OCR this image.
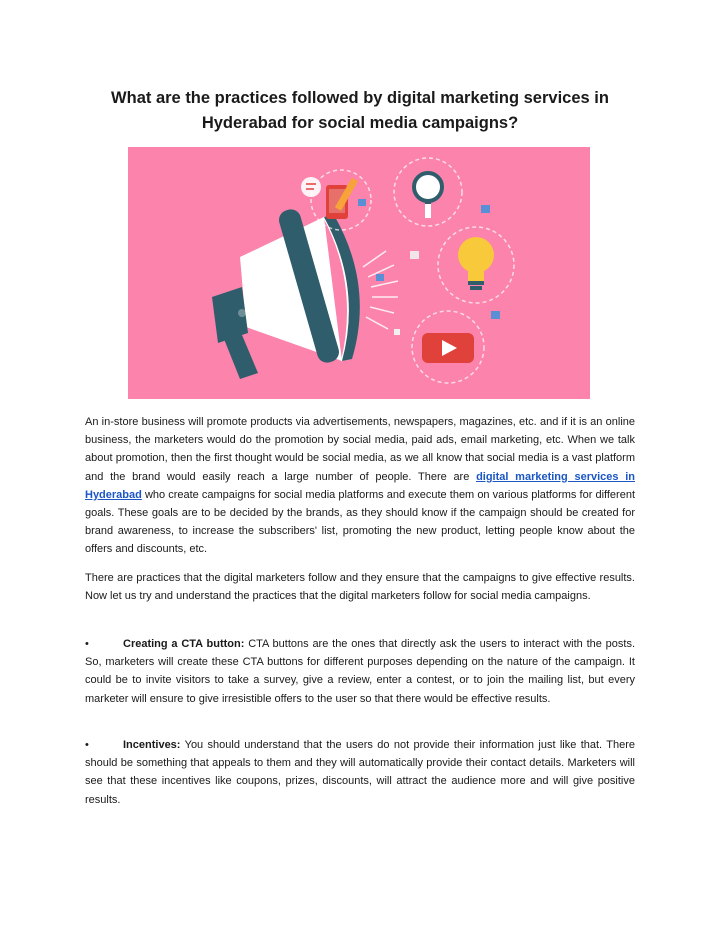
What are the practices followed by digital marketing services in Hyderabad for social media campaigns?
An in-store business will promote products via advertisements, newspapers, magazines, etc. and if it is an online business, the marketers would do the promotion by social media, paid ads, email marketing, etc. When we talk about promotion, then the first thought would be social media, as we all know that social media is a vast platform and the brand would easily reach a large number of people. There are digital marketing services in Hyderabad who create campaigns for social media platforms and execute them on various platforms for different goals. These goals are to be decided by the brands, as they should know if the campaign should be created for brand awareness, to increase the subscribers' list, promoting the new product, letting people know about the offers and discounts, etc.
There are practices that the digital marketers follow and they ensure that the campaigns to give effective results. Now let us try and understand the practices that the digital marketers follow for social media campaigns.
•	Creating a CTA button: CTA buttons are the ones that directly ask the users to interact with the posts. So, marketers will create these CTA buttons for different purposes depending on the nature of the campaign. It could be to invite visitors to take a survey, give a review, enter a contest, or to join the mailing list, but every marketer will ensure to give irresistible offers to the user so that there would be effective results.
•	Incentives: You should understand that the users do not provide their information just like that. There should be something that appeals to them and they will automatically provide their contact details. Marketers will see that these incentives like coupons, prizes, discounts, will attract the audience more and will give positive results.
